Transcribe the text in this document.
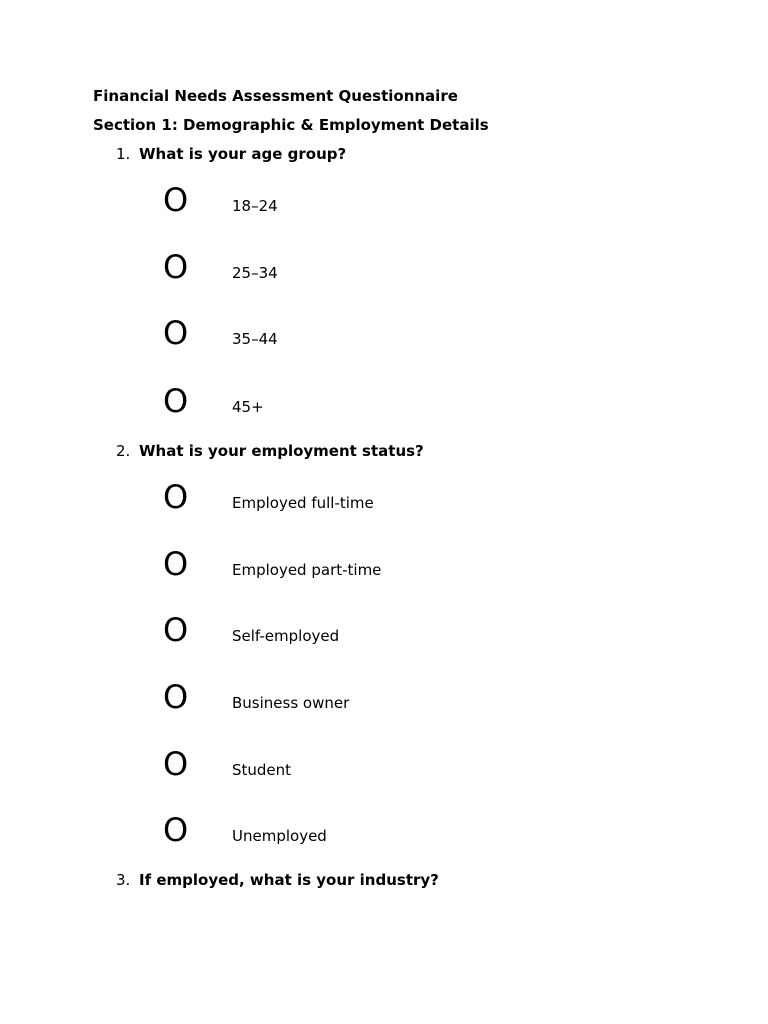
Financial Needs Assessment Questionnaire
Section 1: Demographic & Employment Details
1. What is your age group?
O	18–24
O	25–34
O	35–44
O	45+
2. What is your employment status?
O	Employed full-time
O	Employed part-time
O	Self-employed
O	Business owner
O	Student
O	Unemployed
3. If employed, what is your industry?
